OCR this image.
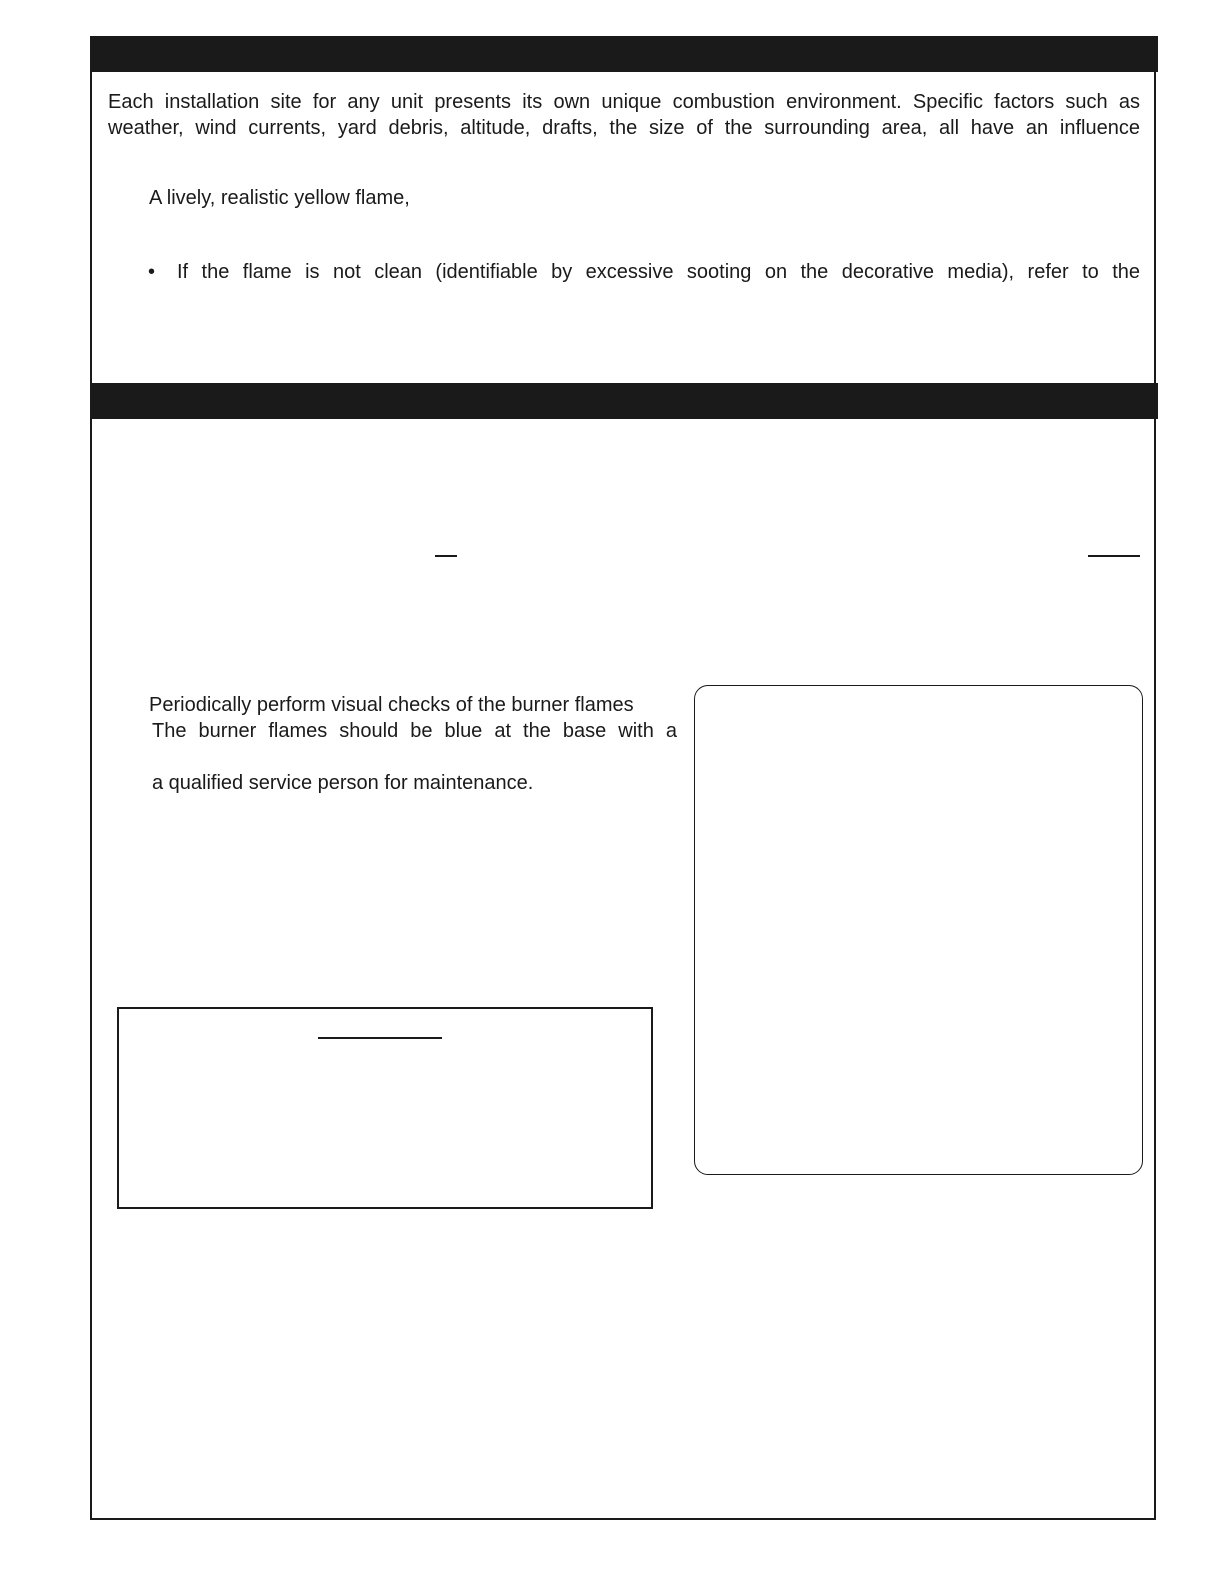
Each installation site for any unit presents its own unique combustion environment. Specific factors such as
weather, wind currents, yard debris, altitude, drafts, the size of the surrounding area, all have an influence
A lively, realistic yellow flame,
• If the flame is not clean (identifiable by excessive sooting on the decorative media), refer to the
Periodically perform visual checks of the burner flames
The burner flames should be blue at the base with a
a qualified service person for maintenance.
